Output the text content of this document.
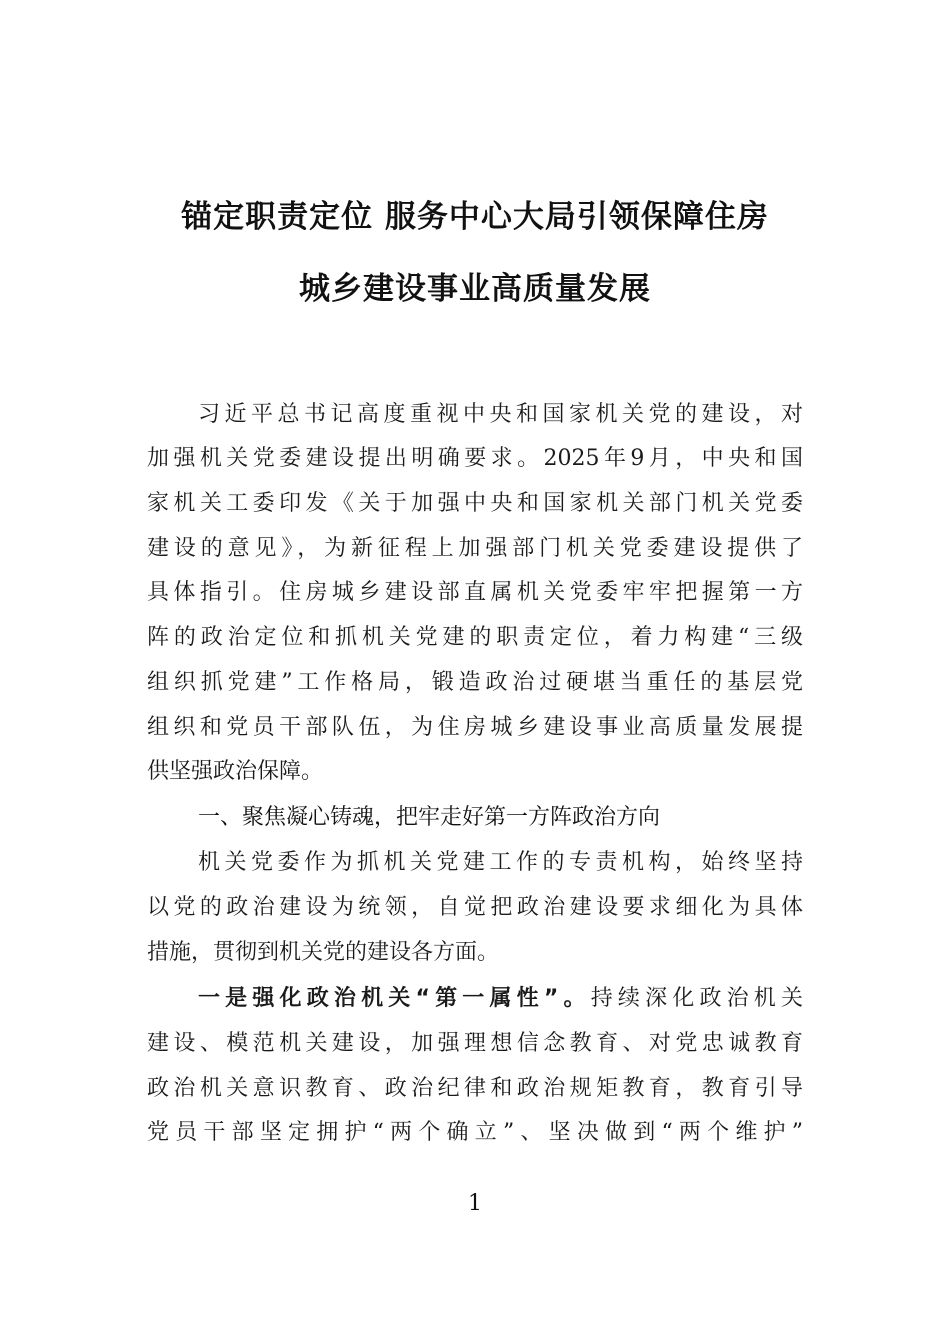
锚定职责定位 服务中心大局引领保障住房
城乡建设事业高质量发展
习近平总书记高度重视中央和国家机关党的建设，对
加强机关党委建设提出明确要求。2025年9月，中央和国
家机关工委印发《关于加强中央和国家机关部门机关党委
建设的意见》，为新征程上加强部门机关党委建设提供了
具体指引。住房城乡建设部直属机关党委牢牢把握第一方
阵的政治定位和抓机关党建的职责定位，着力构建“三级
组织抓党建”工作格局，锻造政治过硬堪当重任的基层党
组织和党员干部队伍，为住房城乡建设事业高质量发展提
供坚强政治保障。
一、聚焦凝心铸魂，把牢走好第一方阵政治方向
机关党委作为抓机关党建工作的专责机构，始终坚持
以党的政治建设为统领，自觉把政治建设要求细化为具体
措施，贯彻到机关党的建设各方面。
一是强化政治机关“第一属性”。持续深化政治机关
建设、模范机关建设，加强理想信念教育、对党忠诚教育
政治机关意识教育、政治纪律和政治规矩教育，教育引导
党员干部坚定拥护“两个确立”、坚决做到“两个维护”
1
